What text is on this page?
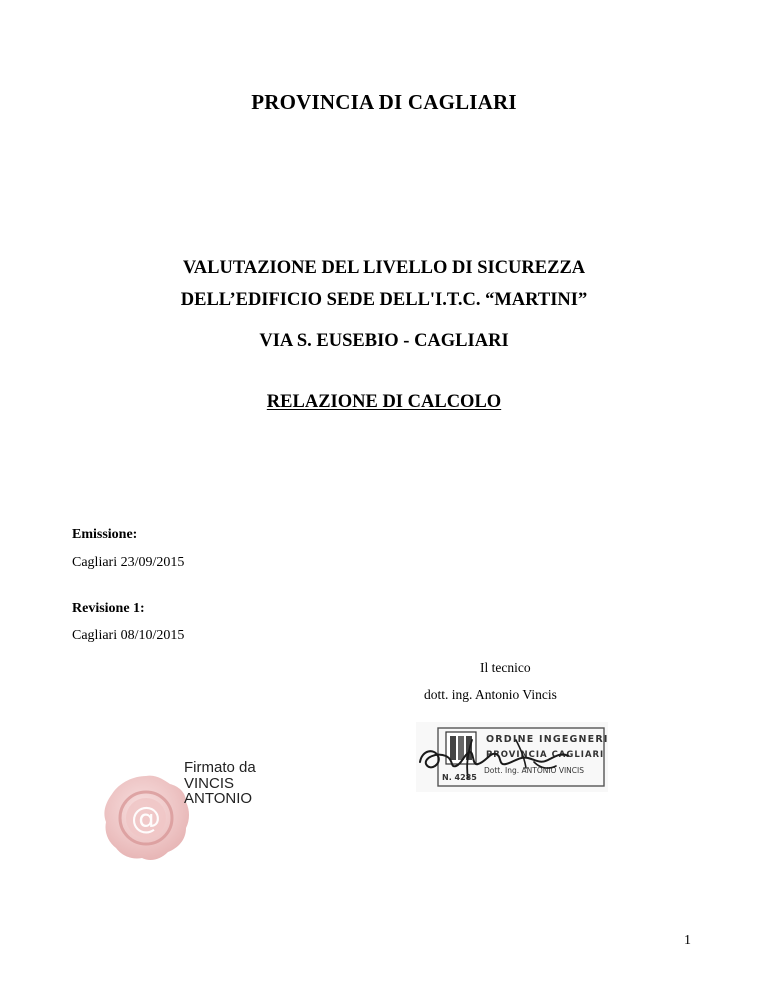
PROVINCIA DI CAGLIARI
VALUTAZIONE DEL LIVELLO DI SICUREZZA
DELL’EDIFICIO SEDE DELL'I.T.C. “MARTINI”
VIA S. EUSEBIO - CAGLIARI
RELAZIONE DI CALCOLO
Emissione:
Cagliari 23/09/2015
Revisione 1:
Cagliari 08/10/2015
Il tecnico
dott. ing. Antonio Vincis
@
Firmato da
VINCIS
ANTONIO
ORDINE INGEGNERI
PROVINCIA CAGLIARI
Dott. Ing. ANTONIO VINCIS
N. 4285
1
